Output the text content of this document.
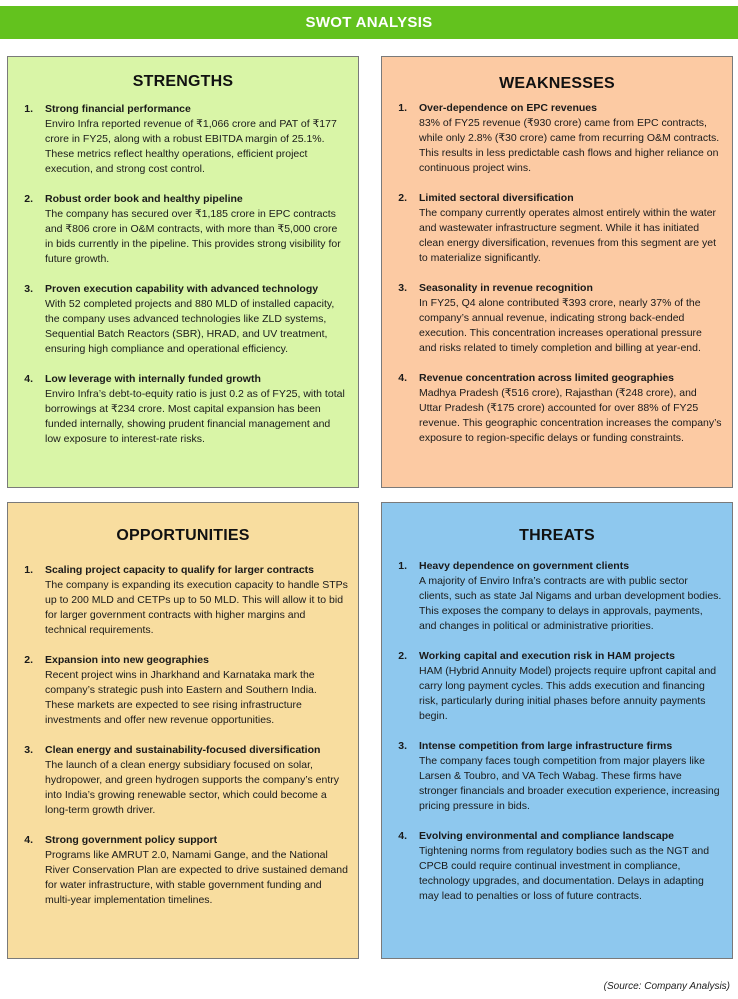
SWOT ANALYSIS
STRENGTHS
1.	Strong financial performance
Enviro Infra reported revenue of ₹1,066 crore and PAT of ₹177 crore in FY25, along with a robust EBITDA margin of 25.1%. These metrics reflect healthy operations, efficient project execution, and strong cost control.
2.	Robust order book and healthy pipeline
The company has secured over ₹1,185 crore in EPC contracts and ₹806 crore in O&M contracts, with more than ₹5,000 crore in bids currently in the pipeline. This provides strong visibility for future growth.
3.	Proven execution capability with advanced technology
With 52 completed projects and 880 MLD of installed capacity, the company uses advanced technologies like ZLD systems, Sequential Batch Reactors (SBR), HRAD, and UV treatment, ensuring high compliance and operational efficiency.
4.	Low leverage with internally funded growth
Enviro Infra’s debt-to-equity ratio is just 0.2 as of FY25, with total borrowings at ₹234 crore. Most capital expansion has been funded internally, showing prudent financial management and low exposure to interest-rate risks.
WEAKNESSES
1.	Over-dependence on EPC revenues
83% of FY25 revenue (₹930 crore) came from EPC contracts, while only 2.8% (₹30 crore) came from recurring O&M contracts. This results in less predictable cash flows and higher reliance on continuous project wins.
2.	Limited sectoral diversification
The company currently operates almost entirely within the water and wastewater infrastructure segment. While it has initiated clean energy diversification, revenues from this segment are yet to materialize significantly.
3.	Seasonality in revenue recognition
In FY25, Q4 alone contributed ₹393 crore, nearly 37% of the company’s annual revenue, indicating strong back-ended execution. This concentration increases operational pressure and risks related to timely completion and billing at year-end.
4.	Revenue concentration across limited geographies
Madhya Pradesh (₹516 crore), Rajasthan (₹248 crore), and Uttar Pradesh (₹175 crore) accounted for over 88% of FY25 revenue. This geographic concentration increases the company’s exposure to region-specific delays or funding constraints.
OPPORTUNITIES
1.	Scaling project capacity to qualify for larger contracts
The company is expanding its execution capacity to handle STPs up to 200 MLD and CETPs up to 50 MLD. This will allow it to bid for larger government contracts with higher margins and technical requirements.
2.	Expansion into new geographies
Recent project wins in Jharkhand and Karnataka mark the company’s strategic push into Eastern and Southern India. These markets are expected to see rising infrastructure investments and offer new revenue opportunities.
3.	Clean energy and sustainability-focused diversification
The launch of a clean energy subsidiary focused on solar, hydropower, and green hydrogen supports the company’s entry into India’s growing renewable sector, which could become a long-term growth driver.
4.	Strong government policy support
Programs like AMRUT 2.0, Namami Gange, and the National River Conservation Plan are expected to drive sustained demand for water infrastructure, with stable government funding and multi-year implementation timelines.
THREATS
1.	Heavy dependence on government clients
A majority of Enviro Infra’s contracts are with public sector clients, such as state Jal Nigams and urban development bodies. This exposes the company to delays in approvals, payments, and changes in political or administrative priorities.
2.	Working capital and execution risk in HAM projects
HAM (Hybrid Annuity Model) projects require upfront capital and carry long payment cycles. This adds execution and financing risk, particularly during initial phases before annuity payments begin.
3.	Intense competition from large infrastructure firms
The company faces tough competition from major players like Larsen & Toubro, and VA Tech Wabag. These firms have stronger financials and broader execution experience, increasing pricing pressure in bids.
4.	Evolving environmental and compliance landscape
Tightening norms from regulatory bodies such as the NGT and CPCB could require continual investment in compliance, technology upgrades, and documentation. Delays in adapting may lead to penalties or loss of future contracts.
(Source: Company Analysis)
